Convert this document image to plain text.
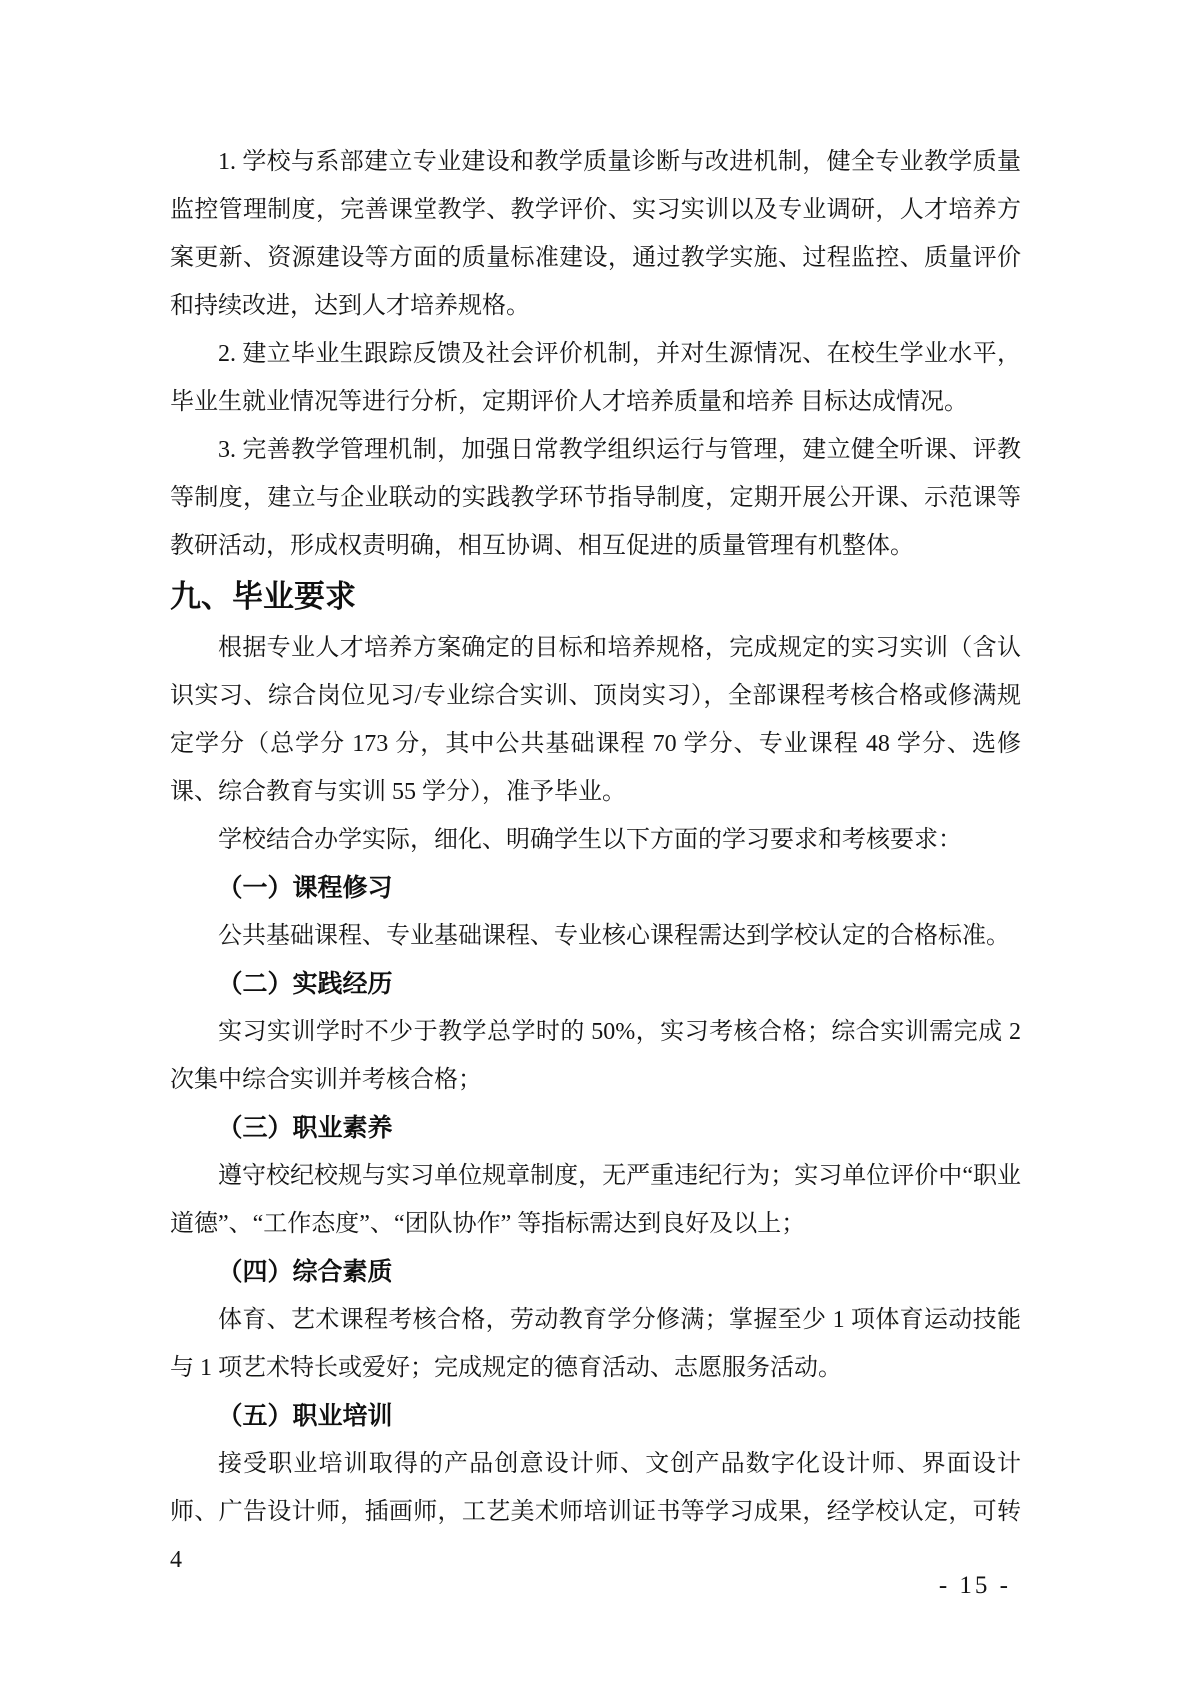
1. 学校与系部建立专业建设和教学质量诊断与改进机制，健全专业教学质量监控管理制度，完善课堂教学、教学评价、实习实训以及专业调研，人才培养方案更新、资源建设等方面的质量标准建设，通过教学实施、过程监控、质量评价和持续改进，达到人才培养规格。

2. 建立毕业生跟踪反馈及社会评价机制，并对生源情况、在校生学业水平，毕业生就业情况等进行分析，定期评价人才培养质量和培养 目标达成情况。

3. 完善教学管理机制，加强日常教学组织运行与管理，建立健全听课、评教等制度，建立与企业联动的实践教学环节指导制度，定期开展公开课、示范课等教研活动，形成权责明确，相互协调、相互促进的质量管理有机整体。

九、毕业要求

根据专业人才培养方案确定的目标和培养规格，完成规定的实习实训（含认识实习、综合岗位见习/专业综合实训、顶岗实习），全部课程考核合格或修满规定学分（总学分 173 分，其中公共基础课程 70 学分、专业课程 48 学分、选修课、综合教育与实训 55 学分），准予毕业。

学校结合办学实际，细化、明确学生以下方面的学习要求和考核要求：

（一）课程修习

公共基础课程、专业基础课程、专业核心课程需达到学校认定的合格标准。

（二）实践经历

实习实训学时不少于教学总学时的 50%，实习考核合格；综合实训需完成 2次集中综合实训并考核合格；

（三）职业素养

遵守校纪校规与实习单位规章制度，无严重违纪行为；实习单位评价中“职业道德”、“工作态度”、“团队协作” 等指标需达到良好及以上；

（四）综合素质

体育、艺术课程考核合格，劳动教育学分修满；掌握至少 1 项体育运动技能与 1 项艺术特长或爱好；完成规定的德育活动、志愿服务活动。

（五）职业培训

接受职业培训取得的产品创意设计师、文创产品数字化设计师、界面设计师、广告设计师，插画师，工艺美术师培训证书等学习成果，经学校认定，可转 4

- 15 -
